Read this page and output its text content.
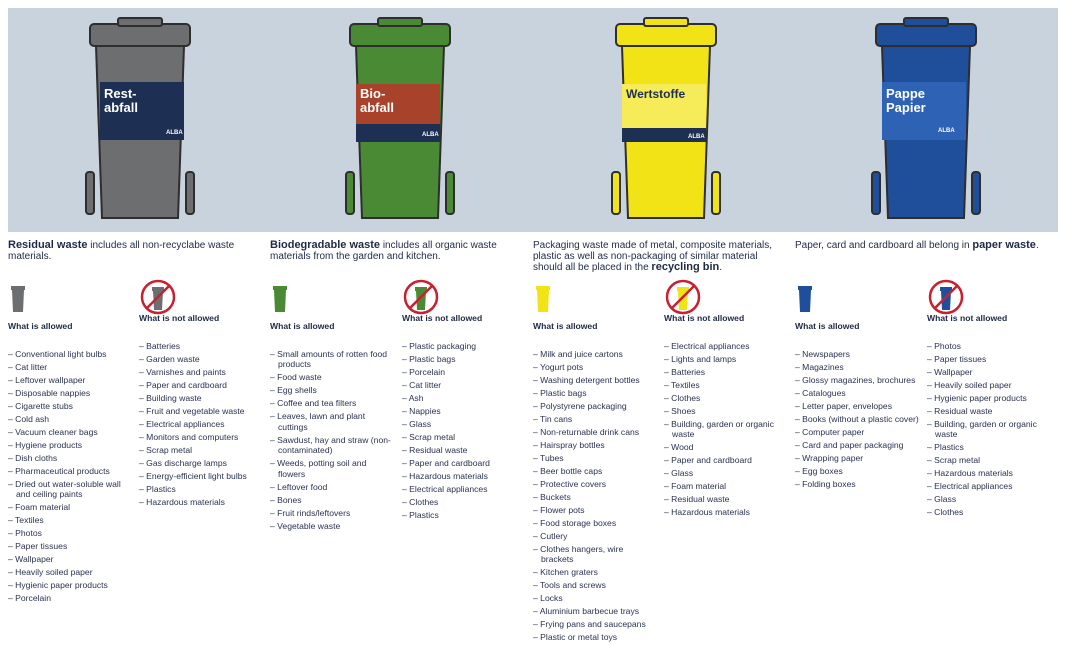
Rest-
abfall
ALBA
Bio-
abfall
ALBA
Wertstoffe
ALBA
Pappe
Papier
ALBA
Residual waste includes all non-recyclabe waste materials.
What is allowed
– Conventional light bulbs
– Cat litter
– Leftover wallpaper
– Disposable nappies
– Cigarette stubs
– Cold ash
– Vacuum cleaner bags
– Hygiene products
– Dish cloths
– Pharmaceutical products
– Dried out water-soluble wall and ceiling paints
– Foam material
– Textiles
– Photos
– Paper tissues
– Wallpaper
– Heavily soiled paper
– Hygienic paper products
– Porcelain
What is not allowed
– Batteries
– Garden waste
– Varnishes and paints
– Paper and cardboard
– Building waste
– Fruit and vegetable waste
– Electrical appliances
– Monitors and computers
– Scrap metal
– Gas discharge lamps
– Energy-efficient light bulbs
– Plastics
– Hazardous materials
Biodegradable waste includes all organic waste materials from the garden and kitchen.
What is allowed
– Small amounts of rotten food products
– Food waste
– Egg shells
– Coffee and tea filters
– Leaves, lawn and plant cuttings
– Sawdust, hay and straw (non-contaminated)
– Weeds, potting soil and flowers
– Leftover food
– Bones
– Fruit rinds/leftovers
– Vegetable waste
What is not allowed
– Plastic packaging
– Plastic bags
– Porcelain
– Cat litter
– Ash
– Nappies
– Glass
– Scrap metal
– Residual waste
– Paper and cardboard
– Hazardous materials
– Electrical appliances
– Clothes
– Plastics
Packaging waste made of metal, composite materials, plastic as well as non-packaging of similar material should all be placed in the recycling bin.
What is allowed
– Milk and juice cartons
– Yogurt pots
– Washing detergent bottles
– Plastic bags
– Polystyrene packaging
– Tin cans
– Non-returnable drink cans
– Hairspray bottles
– Tubes
– Beer bottle caps
– Protective covers
– Buckets
– Flower pots
– Food storage boxes
– Cutlery
– Clothes hangers, wire brackets
– Kitchen graters
– Tools and screws
– Locks
– Aluminium barbecue trays
– Frying pans and saucepans
– Plastic or metal toys
What is not allowed
– Electrical appliances
– Lights and lamps
– Batteries
– Textiles
– Clothes
– Shoes
– Building, garden or organic waste
– Wood
– Paper and cardboard
– Glass
– Foam material
– Residual waste
– Hazardous materials
Paper, card and cardboard all belong in paper waste.
What is allowed
– Newspapers
– Magazines
– Glossy magazines, brochures
– Catalogues
– Letter paper, envelopes
– Books (without a plastic cover)
– Computer paper
– Card and paper packaging
– Wrapping paper
– Egg boxes
– Folding boxes
What is not allowed
– Photos
– Paper tissues
– Wallpaper
– Heavily soiled paper
– Hygienic paper products
– Residual waste
– Building, garden or organic waste
– Plastics
– Scrap metal
– Hazardous materials
– Electrical appliances
– Glass
– Clothes
